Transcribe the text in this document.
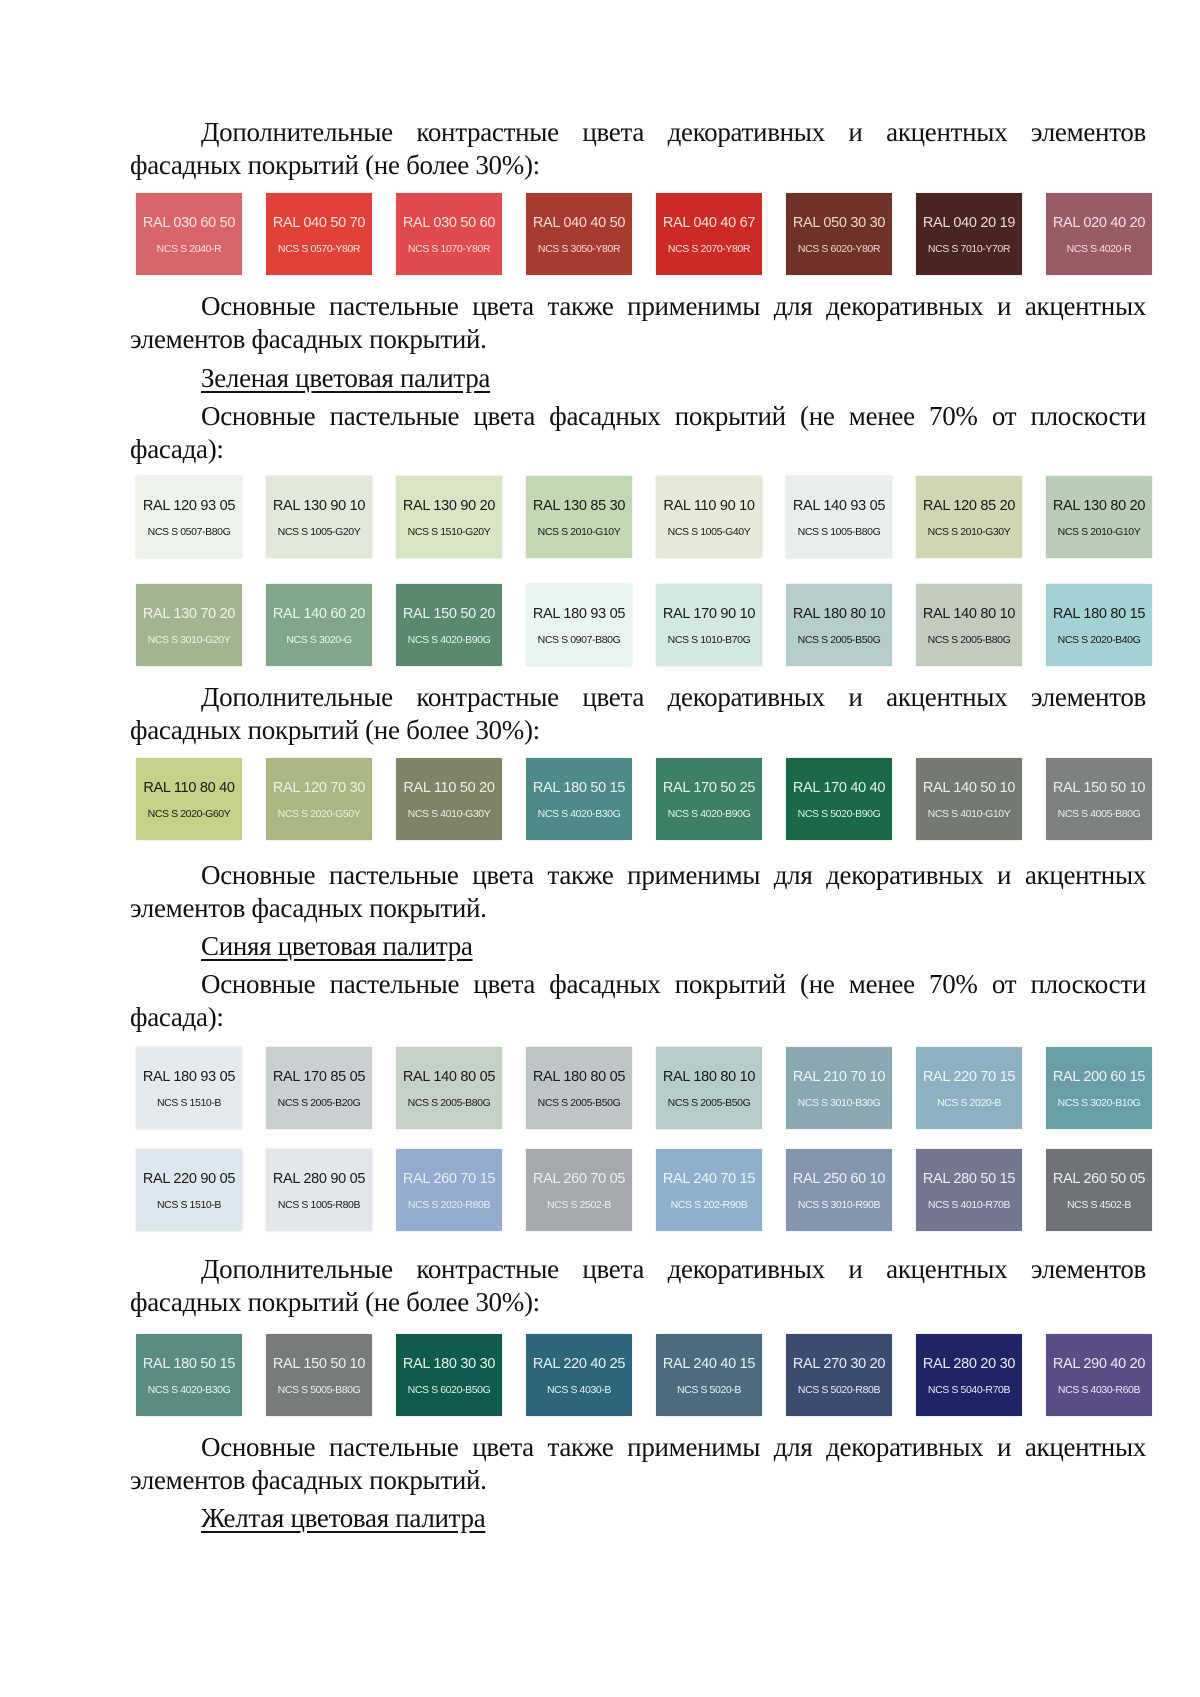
Дополнительные контрастные цвета декоративных и акцентных элементов фасадных покрытий (не более 30%):
RAL 030 60 50
NCS S 2040-R
RAL 040 50 70
NCS S 0570-Y80R
RAL 030 50 60
NCS S 1070-Y80R
RAL 040 40 50
NCS S 3050-Y80R
RAL 040 40 67
NCS S 2070-Y80R
RAL 050 30 30
NCS S 6020-Y80R
RAL 040 20 19
NCS S 7010-Y70R
RAL 020 40 20
NCS S 4020-R
Основные пастельные цвета также применимы для декоративных и акцентных элементов фасадных покрытий.
Зеленая цветовая палитра
Основные пастельные цвета фасадных покрытий (не менее 70% от плоскости фасада):
RAL 120 93 05
NCS S 0507-B80G
RAL 130 90 10
NCS S 1005-G20Y
RAL 130 90 20
NCS S 1510-G20Y
RAL 130 85 30
NCS S 2010-G10Y
RAL 110 90 10
NCS S 1005-G40Y
RAL 140 93 05
NCS S 1005-B80G
RAL 120 85 20
NCS S 2010-G30Y
RAL 130 80 20
NCS S 2010-G10Y
RAL 130 70 20
NCS S 3010-G20Y
RAL 140 60 20
NCS S 3020-G
RAL 150 50 20
NCS S 4020-B90G
RAL 180 93 05
NCS S 0907-B80G
RAL 170 90 10
NCS S 1010-B70G
RAL 180 80 10
NCS S 2005-B50G
RAL 140 80 10
NCS S 2005-B80G
RAL 180 80 15
NCS S 2020-B40G
Дополнительные контрастные цвета декоративных и акцентных элементов фасадных покрытий (не более 30%):
RAL 110 80 40
NCS S 2020-G60Y
RAL 120 70 30
NCS S 2020-G50Y
RAL 110 50 20
NCS S 4010-G30Y
RAL 180 50 15
NCS S 4020-B30G
RAL 170 50 25
NCS S 4020-B90G
RAL 170 40 40
NCS S 5020-B90G
RAL 140 50 10
NCS S 4010-G10Y
RAL 150 50 10
NCS S 4005-B80G
Основные пастельные цвета также применимы для декоративных и акцентных элементов фасадных покрытий.
Синяя цветовая палитра
Основные пастельные цвета фасадных покрытий (не менее 70% от плоскости фасада):
RAL 180 93 05
NCS S 1510-B
RAL 170 85 05
NCS S 2005-B20G
RAL 140 80 05
NCS S 2005-B80G
RAL 180 80 05
NCS S 2005-B50G
RAL 180 80 10
NCS S 2005-B50G
RAL 210 70 10
NCS S 3010-B30G
RAL 220 70 15
NCS S 2020-B
RAL 200 60 15
NCS S 3020-B10G
RAL 220 90 05
NCS S 1510-B
RAL 280 90 05
NCS S 1005-R80B
RAL 260 70 15
NCS S 2020-R80B
RAL 260 70 05
NCS S 2502-B
RAL 240 70 15
NCS S 202-R90B
RAL 250 60 10
NCS S 3010-R90B
RAL 280 50 15
NCS S 4010-R70B
RAL 260 50 05
NCS S 4502-B
Дополнительные контрастные цвета декоративных и акцентных элементов фасадных покрытий (не более 30%):
RAL 180 50 15
NCS S 4020-B30G
RAL 150 50 10
NCS S 5005-B80G
RAL 180 30 30
NCS S 6020-B50G
RAL 220 40 25
NCS S 4030-B
RAL 240 40 15
NCS S 5020-B
RAL 270 30 20
NCS S 5020-R80B
RAL 280 20 30
NCS S 5040-R70B
RAL 290 40 20
NCS S 4030-R60B
Основные пастельные цвета также применимы для декоративных и акцентных элементов фасадных покрытий.
Желтая цветовая палитра
